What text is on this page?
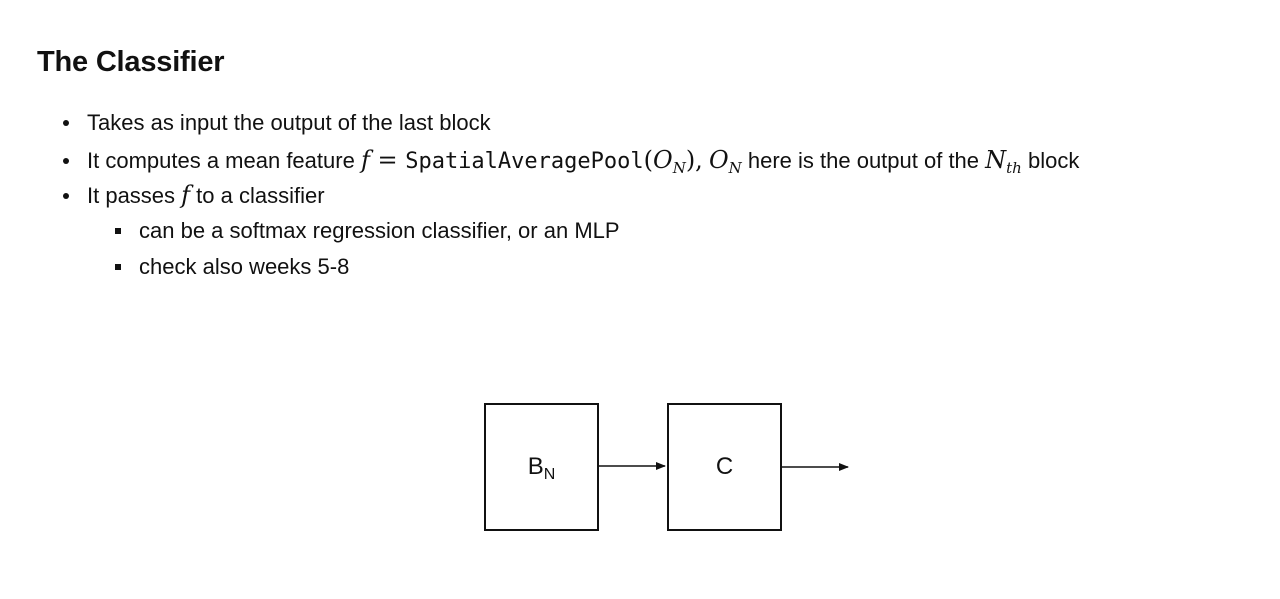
The Classifier
Takes as input the output of the last block
It computes a mean feature $f = SpatialAveragePool(O_N)$, $O_N$ here is the output of the $N_{th}$ block
It passes f to a classifier
can be a softmax regression classifier, or an MLP
check also weeks 5-8
$B_N$	C
